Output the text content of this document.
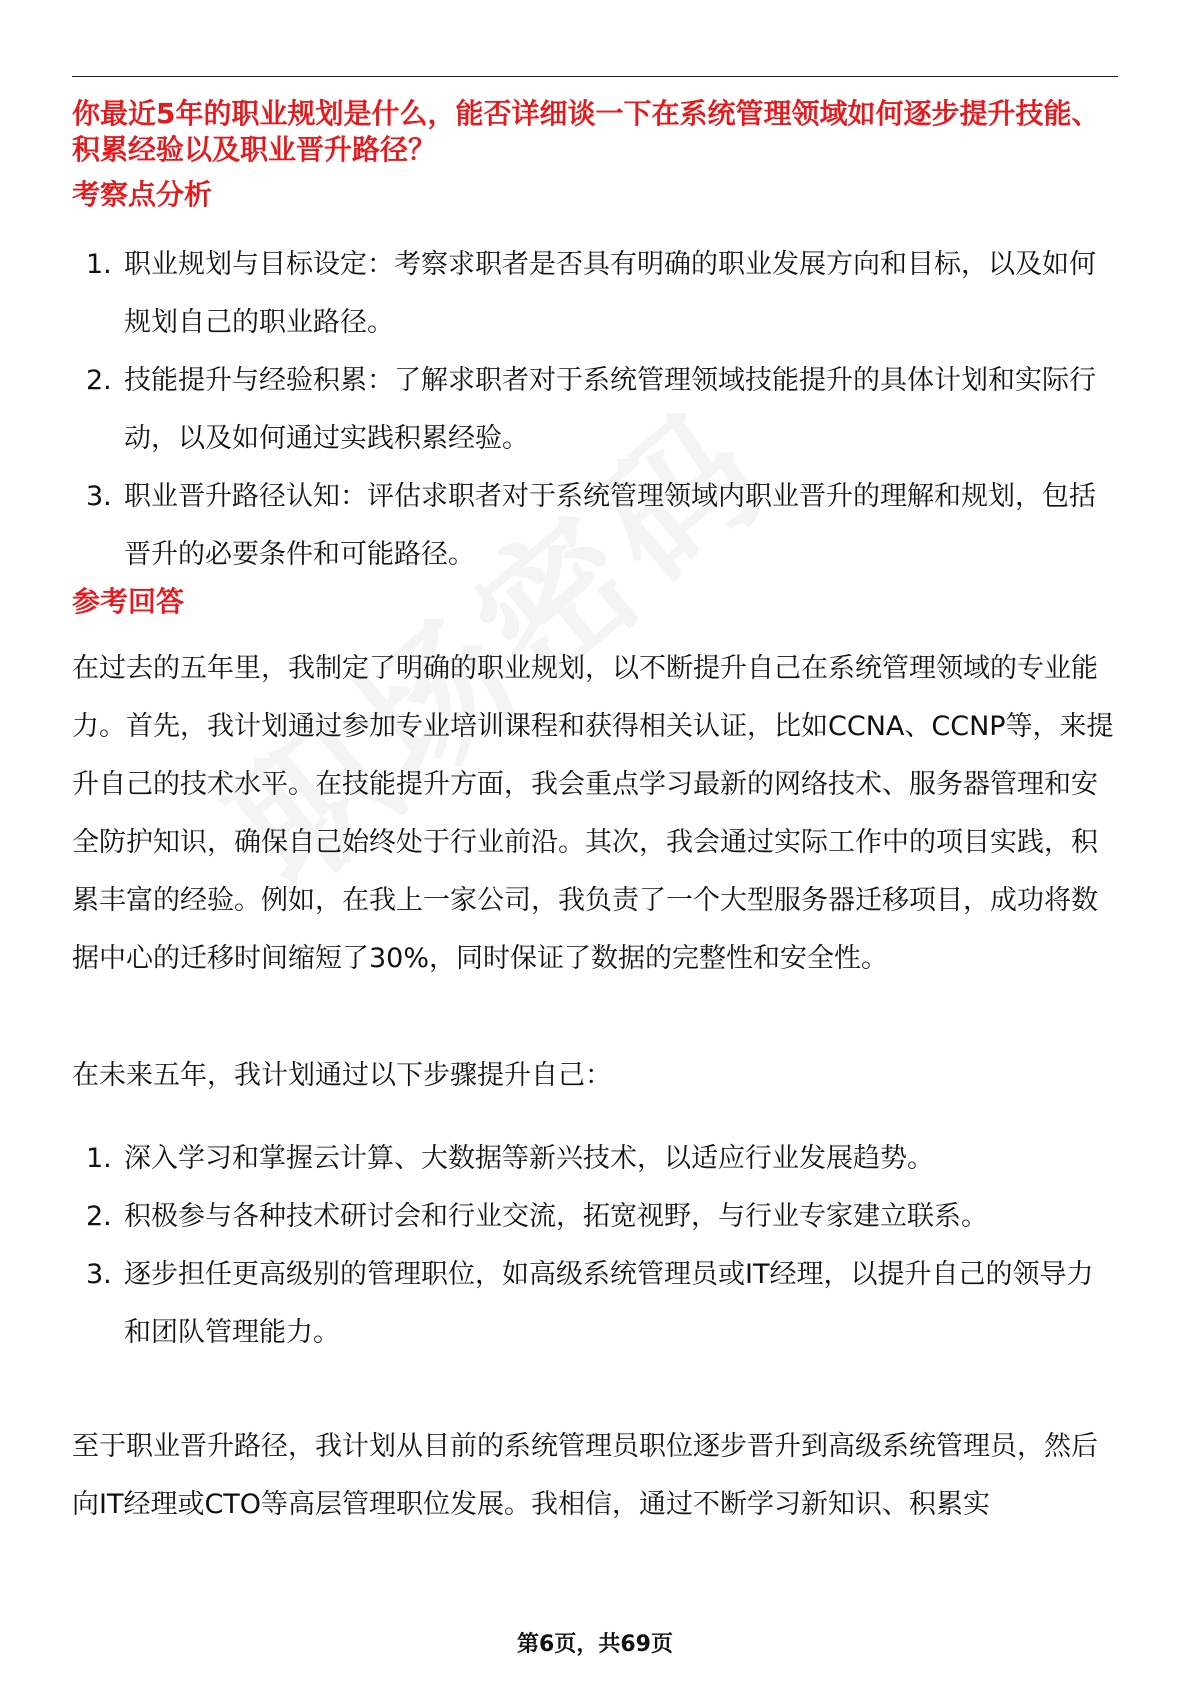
你最近5年的职业规划是什么，能否详细谈一下在系统管理领域如何逐步提升技能、积累经验以及职业晋升路径？
考察点分析
1. 职业规划与目标设定：考察求职者是否具有明确的职业发展方向和目标，以及如何规划自己的职业路径。
2. 技能提升与经验积累：了解求职者对于系统管理领域技能提升的具体计划和实际行动，以及如何通过实践积累经验。
3. 职业晋升路径认知：评估求职者对于系统管理领域内职业晋升的理解和规划，包括晋升的必要条件和可能路径。
参考回答

在过去的五年里，我制定了明确的职业规划，以不断提升自己在系统管理领域的专业能力。首先，我计划通过参加专业培训课程和获得相关认证，比如CCNA、CCNP等，来提升自己的技术水平。在技能提升方面，我会重点学习最新的网络技术、服务器管理和安全防护知识，确保自己始终处于行业前沿。其次，我会通过实际工作中的项目实践，积累丰富的经验。例如，在我上一家公司，我负责了一个大型服务器迁移项目，成功将数据中心的迁移时间缩短了30%，同时保证了数据的完整性和安全性。

在未来五年，我计划通过以下步骤提升自己：

1. 深入学习和掌握云计算、大数据等新兴技术，以适应行业发展趋势。
2. 积极参与各种技术研讨会和行业交流，拓宽视野，与行业专家建立联系。
3. 逐步担任更高级别的管理职位，如高级系统管理员或IT经理，以提升自己的领导力和团队管理能力。

至于职业晋升路径，我计划从目前的系统管理员职位逐步晋升到高级系统管理员，然后向IT经理或CTO等高层管理职位发展。我相信，通过不断学习新知识、积累实

第6页，共69页
